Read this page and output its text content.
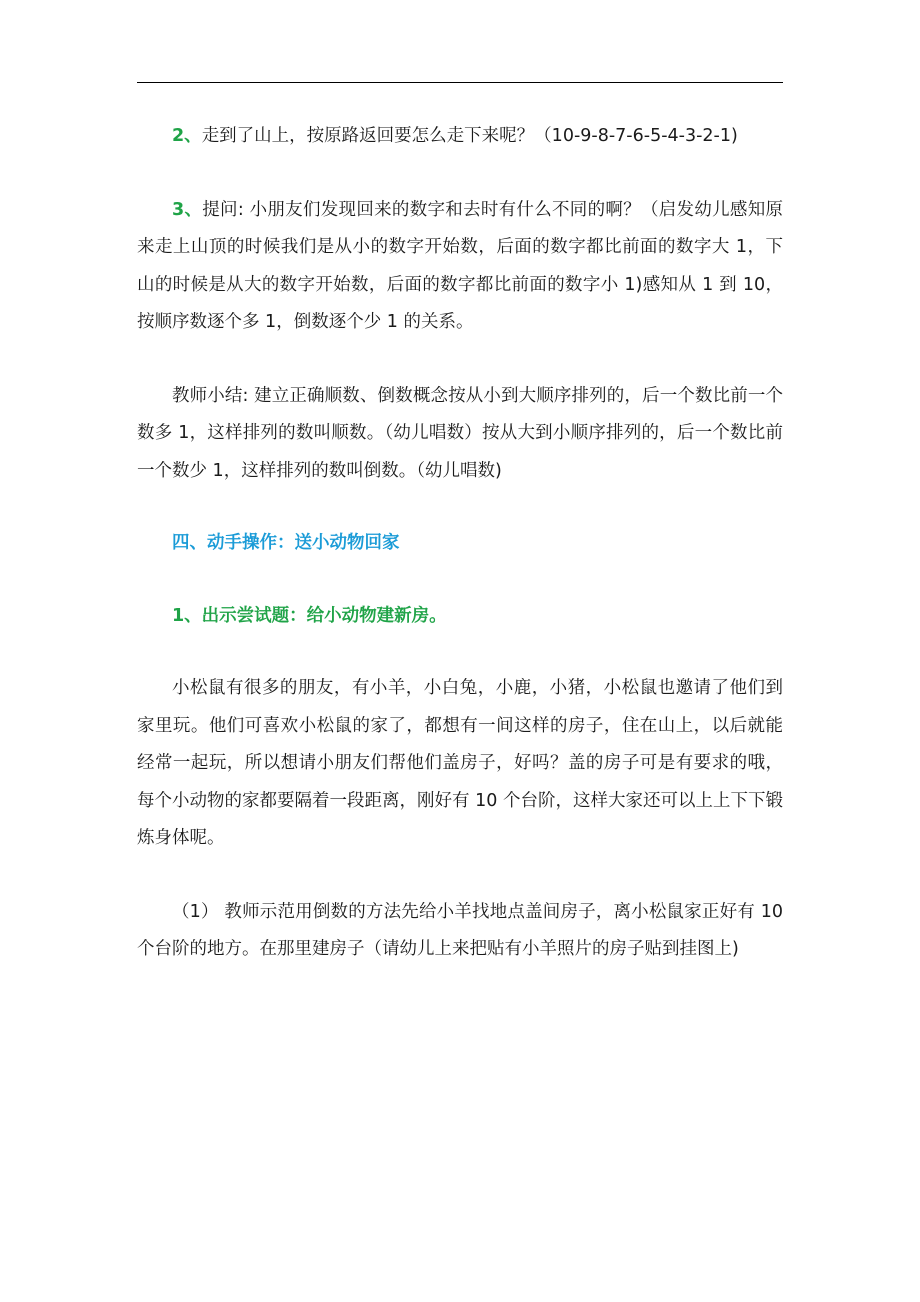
2、走到了山上，按原路返回要怎么走下来呢？（10-9-8-7-6-5-4-3-2-1)

3、提问: 小朋友们发现回来的数字和去时有什么不同的啊？（启发幼儿感知原来走上山顶的时候我们是从小的数字开始数，后面的数字都比前面的数字大 1，下山的时候是从大的数字开始数，后面的数字都比前面的数字小 1)感知从 1 到 10，按顺序数逐个多 1，倒数逐个少 1 的关系。

教师小结: 建立正确顺数、倒数概念按从小到大顺序排列的，后一个数比前一个数多 1，这样排列的数叫顺数。（幼儿唱数）按从大到小顺序排列的，后一个数比前一个数少 1，这样排列的数叫倒数。（幼儿唱数)

四、动手操作：送小动物回家

1、出示尝试题：给小动物建新房。

小松鼠有很多的朋友，有小羊，小白兔，小鹿，小猪，小松鼠也邀请了他们到家里玩。他们可喜欢小松鼠的家了，都想有一间这样的房子，住在山上，以后就能经常一起玩，所以想请小朋友们帮他们盖房子，好吗？盖的房子可是有要求的哦，每个小动物的家都要隔着一段距离，刚好有 10 个台阶，这样大家还可以上上下下锻炼身体呢。

（1） 教师示范用倒数的方法先给小羊找地点盖间房子，离小松鼠家正好有 10 个台阶的地方。在那里建房子（请幼儿上来把贴有小羊照片的房子贴到挂图上)
